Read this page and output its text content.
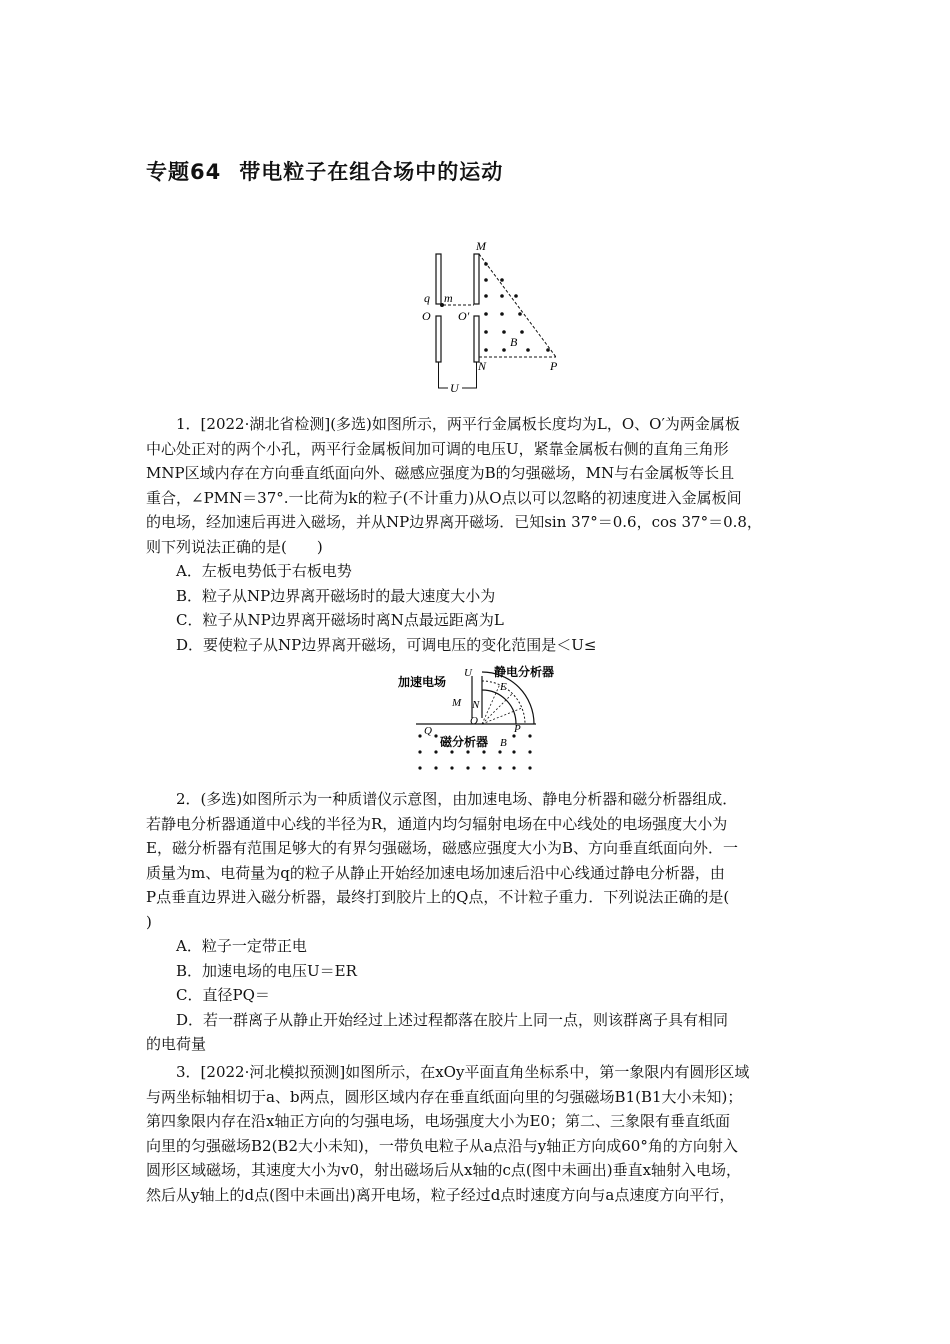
专题64 带电粒子在组合场中的运动
M
q m
O O′
B
N	P
U
1．[2022·湖北省检测](多选)如图所示，两平行金属板长度均为L，O、O′为两金属板
中心处正对的两个小孔，两平行金属板间加可调的电压U，紧靠金属板右侧的直角三角形
MNP区域内存在方向垂直纸面向外、磁感应强度为B的匀强磁场，MN与右金属板等长且
重合，∠PMN＝37°.一比荷为k的粒子(不计重力)从O点以可以忽略的初速度进入金属板间
的电场，经加速后再进入磁场，并从NP边界离开磁场．已知sin 37°＝0.6，cos 37°＝0.8，
则下列说法正确的是(　　)
A．左板电势低于右板电势
B．粒子从NP边界离开磁场时的最大速度大小为
C．粒子从NP边界离开磁场时离N点最远距离为L
D．要使粒子从NP边界离开磁场，可调电压的变化范围是＜U≤
加速电场
静电分析器
磁分析器
U
E
M N
O
P
Q
B
2．(多选)如图所示为一种质谱仪示意图，由加速电场、静电分析器和磁分析器组成．
若静电分析器通道中心线的半径为R，通道内均匀辐射电场在中心线处的电场强度大小为
E，磁分析器有范围足够大的有界匀强磁场，磁感应强度大小为B、方向垂直纸面向外．一
质量为m、电荷量为q的粒子从静止开始经加速电场加速后沿中心线通过静电分析器，由
P点垂直边界进入磁分析器，最终打到胶片上的Q点，不计粒子重力．下列说法正确的是(
)
A．粒子一定带正电
B．加速电场的电压U＝ER
C．直径PQ＝
D．若一群离子从静止开始经过上述过程都落在胶片上同一点，则该群离子具有相同
的电荷量
3．[2022·河北模拟预测]如图所示，在xOy平面直角坐标系中，第一象限内有圆形区域
与两坐标轴相切于a、b两点，圆形区域内存在垂直纸面向里的匀强磁场B1(B1大小未知)；
第四象限内存在沿x轴正方向的匀强电场，电场强度大小为E0；第二、三象限有垂直纸面
向里的匀强磁场B2(B2大小未知)，一带负电粒子从a点沿与y轴正方向成60°角的方向射入
圆形区域磁场，其速度大小为v0，射出磁场后从x轴的c点(图中未画出)垂直x轴射入电场，
然后从y轴上的d点(图中未画出)离开电场，粒子经过d点时速度方向与a点速度方向平行，
